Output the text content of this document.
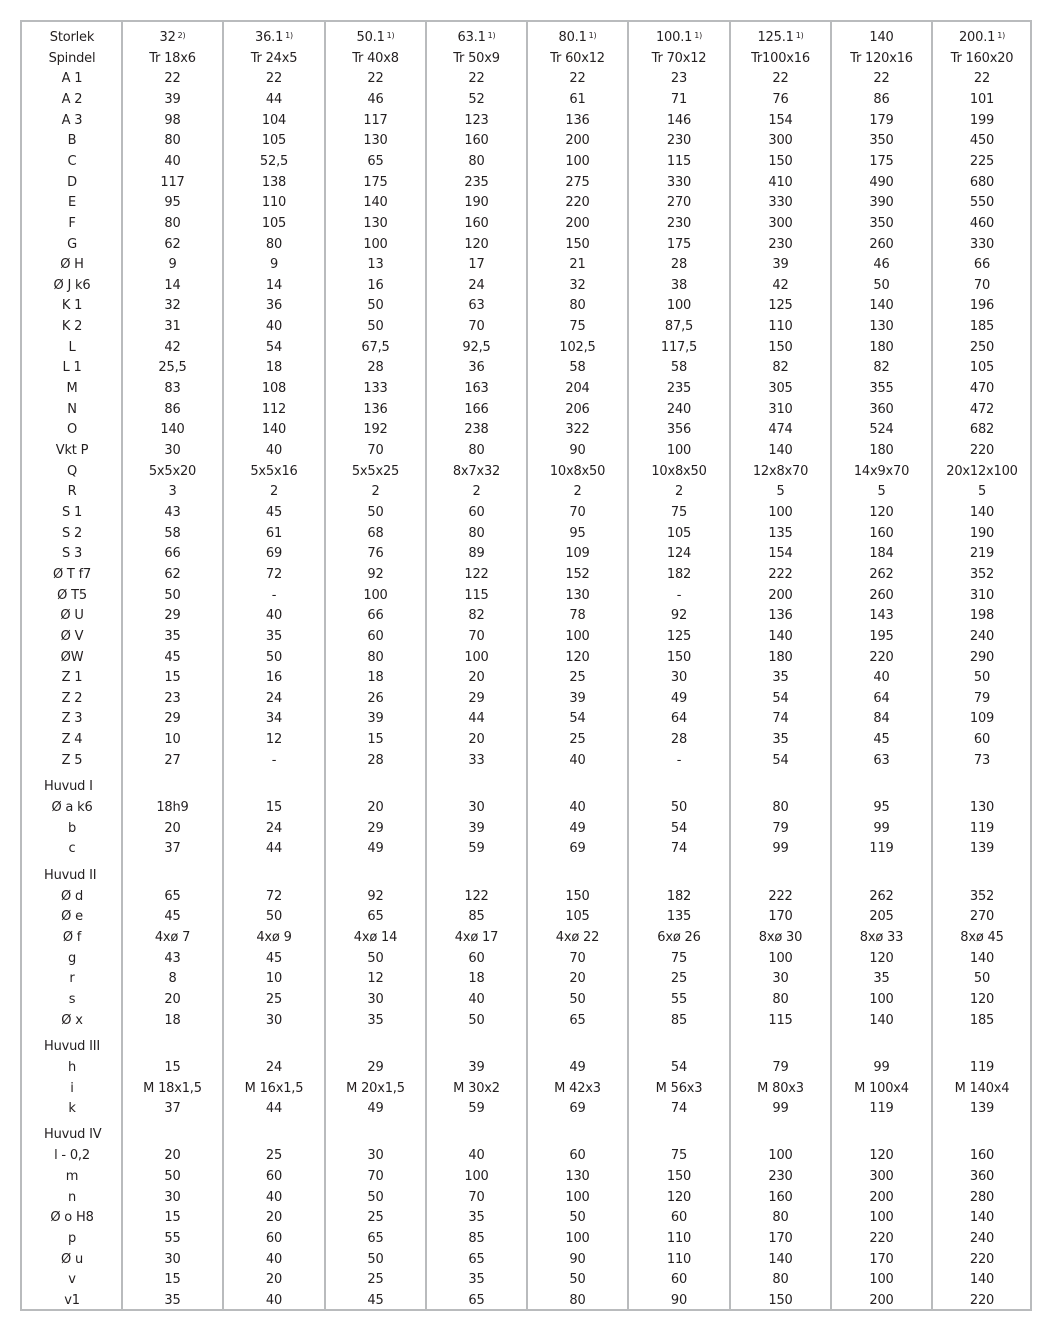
Storlek	32 $^{2)}$	36.1 $^{1)}$	50.1 $^{1)}$	63.1 $^{1)}$	80.1 $^{1)}$	100.1 $^{1)}$	125.1 $^{1)}$	140	200.1 $^{1)}$
Spindel	Tr 18x6	Tr 24x5	Tr 40x8	Tr 50x9	Tr 60x12	Tr 70x12	Tr100x16	Tr 120x16	Tr 160x20
A 1	22	22	22	22	22	23	22	22	22
A 2	39	44	46	52	61	71	76	86	101
A 3	98	104	117	123	136	146	154	179	199
B	80	105	130	160	200	230	300	350	450
C	40	52,5	65	80	100	115	150	175	225
D	117	138	175	235	275	330	410	490	680
E	95	110	140	190	220	270	330	390	550
F	80	105	130	160	200	230	300	350	460
G	62	80	100	120	150	175	230	260	330
Ø H	9	9	13	17	21	28	39	46	66
Ø J k6	14	14	16	24	32	38	42	50	70
K 1	32	36	50	63	80	100	125	140	196
K 2	31	40	50	70	75	87,5	110	130	185
L	42	54	67,5	92,5	102,5	117,5	150	180	250
L 1	25,5	18	28	36	58	58	82	82	105
M	83	108	133	163	204	235	305	355	470
N	86	112	136	166	206	240	310	360	472
O	140	140	192	238	322	356	474	524	682
Vkt P	30	40	70	80	90	100	140	180	220
Q	5x5x20	5x5x16	5x5x25	8x7x32	10x8x50	10x8x50	12x8x70	14x9x70	20x12x100
R	3	2	2	2	2	2	5	5	5
S 1	43	45	50	60	70	75	100	120	140
S 2	58	61	68	80	95	105	135	160	190
S 3	66	69	76	89	109	124	154	184	219
Ø T f7	62	72	92	122	152	182	222	262	352
Ø T5	50	-	100	115	130	-	200	260	310
Ø U	29	40	66	82	78	92	136	143	198
Ø V	35	35	60	70	100	125	140	195	240
ØW	45	50	80	100	120	150	180	220	290
Z 1	15	16	18	20	25	30	35	40	50
Z 2	23	24	26	29	39	49	54	64	79
Z 3	29	34	39	44	54	64	74	84	109
Z 4	10	12	15	20	25	28	35	45	60
Z 5	27	-	28	33	40	-	54	63	73
Huvud I
Ø a k6	18h9	15	20	30	40	50	80	95	130
b	20	24	29	39	49	54	79	99	119
c	37	44	49	59	69	74	99	119	139
Huvud II
Ø d	65	72	92	122	150	182	222	262	352
Ø e	45	50	65	85	105	135	170	205	270
Ø f	4xø 7	4xø 9	4xø 14	4xø 17	4xø 22	6xø 26	8xø 30	8xø 33	8xø 45
g	43	45	50	60	70	75	100	120	140
r	8	10	12	18	20	25	30	35	50
s	20	25	30	40	50	55	80	100	120
Ø x	18	30	35	50	65	85	115	140	185
Huvud III
h	15	24	29	39	49	54	79	99	119
i	M 18x1,5	M 16x1,5	M 20x1,5	M 30x2	M 42x3	M 56x3	M 80x3	M 100x4	M 140x4
k	37	44	49	59	69	74	99	119	139
Huvud IV
l - 0,2	20	25	30	40	60	75	100	120	160
m	50	60	70	100	130	150	230	300	360
n	30	40	50	70	100	120	160	200	280
Ø o H8	15	20	25	35	50	60	80	100	140
p	55	60	65	85	100	110	170	220	240
Ø u	30	40	50	65	90	110	140	170	220
v	15	20	25	35	50	60	80	100	140
v1	35	40	45	65	80	90	150	200	220
